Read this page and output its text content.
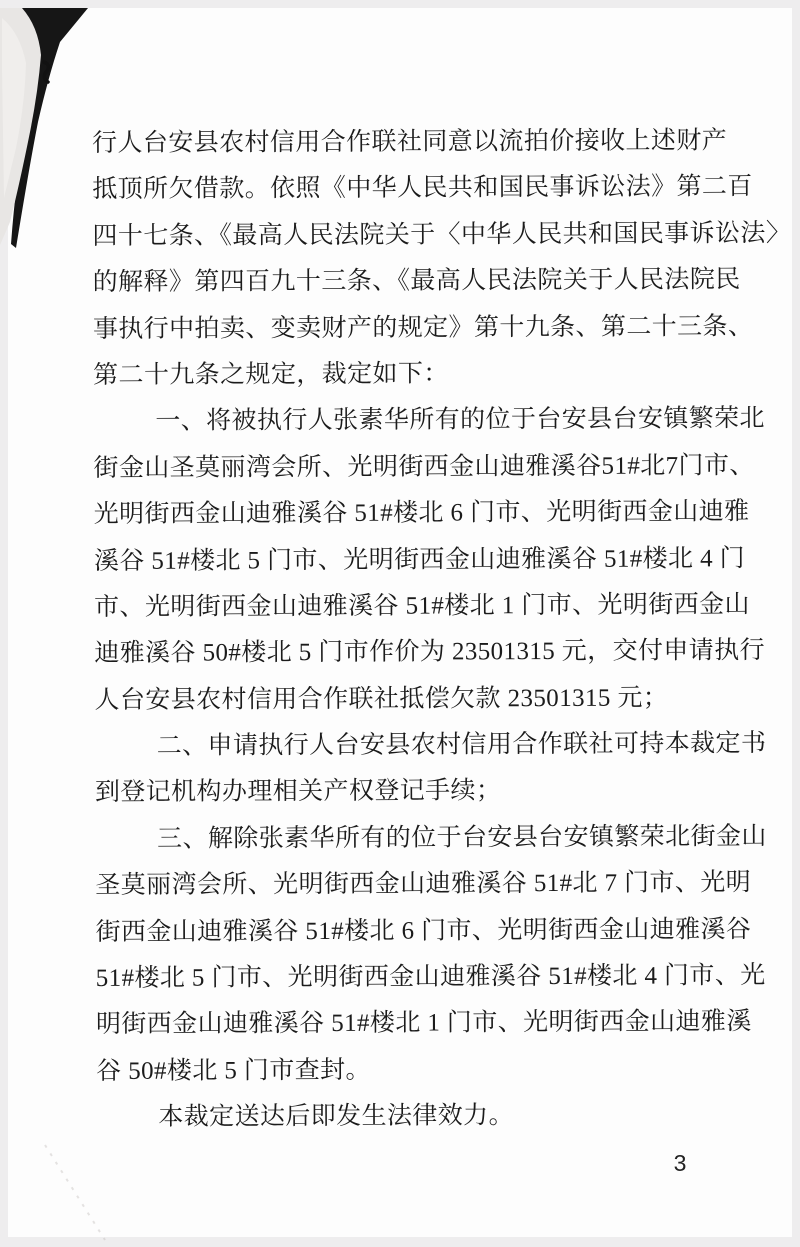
行人台安县农村信用合作联社同意以流拍价接收上述财产
抵顶所欠借款。依照《中华人民共和国民事诉讼法》第二百
四十七条、《最高人民法院关于〈中华人民共和国民事诉讼法〉
的解释》第四百九十三条、《最高人民法院关于人民法院民
事执行中拍卖、变卖财产的规定》第十九条、第二十三条、
第二十九条之规定，裁定如下：
一、将被执行人张素华所有的位于台安县台安镇繁荣北
街金山圣莫丽湾会所、光明街西金山迪雅溪谷51#北7门市、
光明街西金山迪雅溪谷 51#楼北 6 门市、光明街西金山迪雅
溪谷 51#楼北 5 门市、光明街西金山迪雅溪谷 51#楼北 4 门
市、光明街西金山迪雅溪谷 51#楼北 1 门市、光明街西金山
迪雅溪谷 50#楼北 5 门市作价为 23501315 元，交付申请执行
人台安县农村信用合作联社抵偿欠款 23501315 元；
二、申请执行人台安县农村信用合作联社可持本裁定书
到登记机构办理相关产权登记手续；
三、解除张素华所有的位于台安县台安镇繁荣北街金山
圣莫丽湾会所、光明街西金山迪雅溪谷 51#北 7 门市、光明
街西金山迪雅溪谷 51#楼北 6 门市、光明街西金山迪雅溪谷
51#楼北 5 门市、光明街西金山迪雅溪谷 51#楼北 4 门市、光
明街西金山迪雅溪谷 51#楼北 1 门市、光明街西金山迪雅溪
谷 50#楼北 5 门市查封。
本裁定送达后即发生法律效力。
3
